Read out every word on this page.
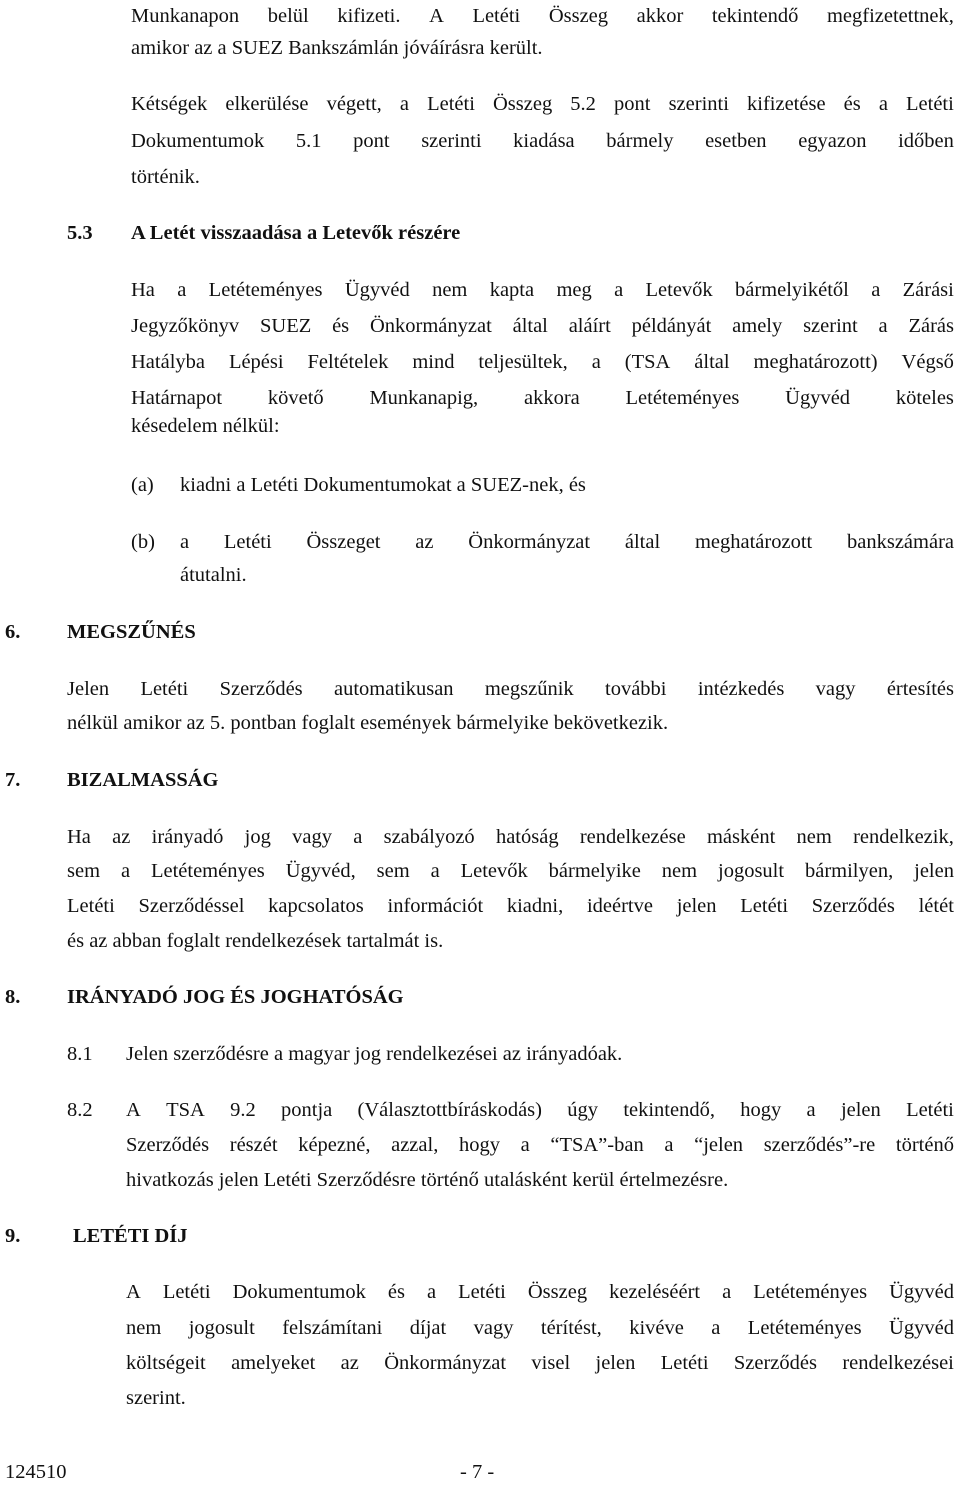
Munkanapon belül kifizeti. A Letéti Összeg akkor tekintendő megfizetettnek,
amikor az a SUEZ Bankszámlán jóváírásra került.
Kétségek elkerülése végett, a Letéti Összeg 5.2 pont szerinti kifizetése és a Letéti
Dokumentumok 5.1 pont szerinti kiadása bármely esetben egyazon időben
történik.
5.3 A Letét visszaadása a Letevők részére
Ha a Letéteményes Ügyvéd nem kapta meg a Letevők bármelyikétől a Zárási
Jegyzőkönyv SUEZ és Önkormányzat által aláírt példányát amely szerint a Zárás
Hatályba Lépési Feltételek mind teljesültek, a (TSA által meghatározott) Végső
Határnapot követő Munkanapig, akkora Letéteményes Ügyvéd köteles
késedelem nélkül:
(a) kiadni a Letéti Dokumentumokat a SUEZ-nek, és
(b) a Letéti Összeget az Önkormányzat által meghatározott bankszámára
átutalni.
6. MEGSZŰNÉS
Jelen Letéti Szerződés automatikusan megszűnik további intézkedés vagy értesítés
nélkül amikor az 5. pontban foglalt események bármelyike bekövetkezik.
7. BIZALMASSÁG
Ha az irányadó jog vagy a szabályozó hatóság rendelkezése másként nem rendelkezik,
sem a Letéteményes Ügyvéd, sem a Letevők bármelyike nem jogosult bármilyen, jelen
Letéti Szerződéssel kapcsolatos információt kiadni, ideértve jelen Letéti Szerződés létét
és az abban foglalt rendelkezések tartalmát is.
8. IRÁNYADÓ JOG ÉS JOGHATÓSÁG
8.1 Jelen szerződésre a magyar jog rendelkezései az irányadóak.
8.2 A TSA 9.2 pontja (Választottbíráskodás) úgy tekintendő, hogy a jelen Letéti
Szerződés részét képezné, azzal, hogy a “TSA”-ban a “jelen szerződés”-re történő
hivatkozás jelen Letéti Szerződésre történő utalásként kerül értelmezésre.
9.	LETÉTI DÍJ
A Letéti Dokumentumok és a Letéti Összeg kezeléséért a Letéteményes Ügyvéd
nem jogosult felszámítani díjat vagy térítést, kivéve a Letéteményes Ügyvéd
költségeit amelyeket az Önkormányzat visel jelen Letéti Szerződés rendelkezései
szerint.
124510	- 7 -
